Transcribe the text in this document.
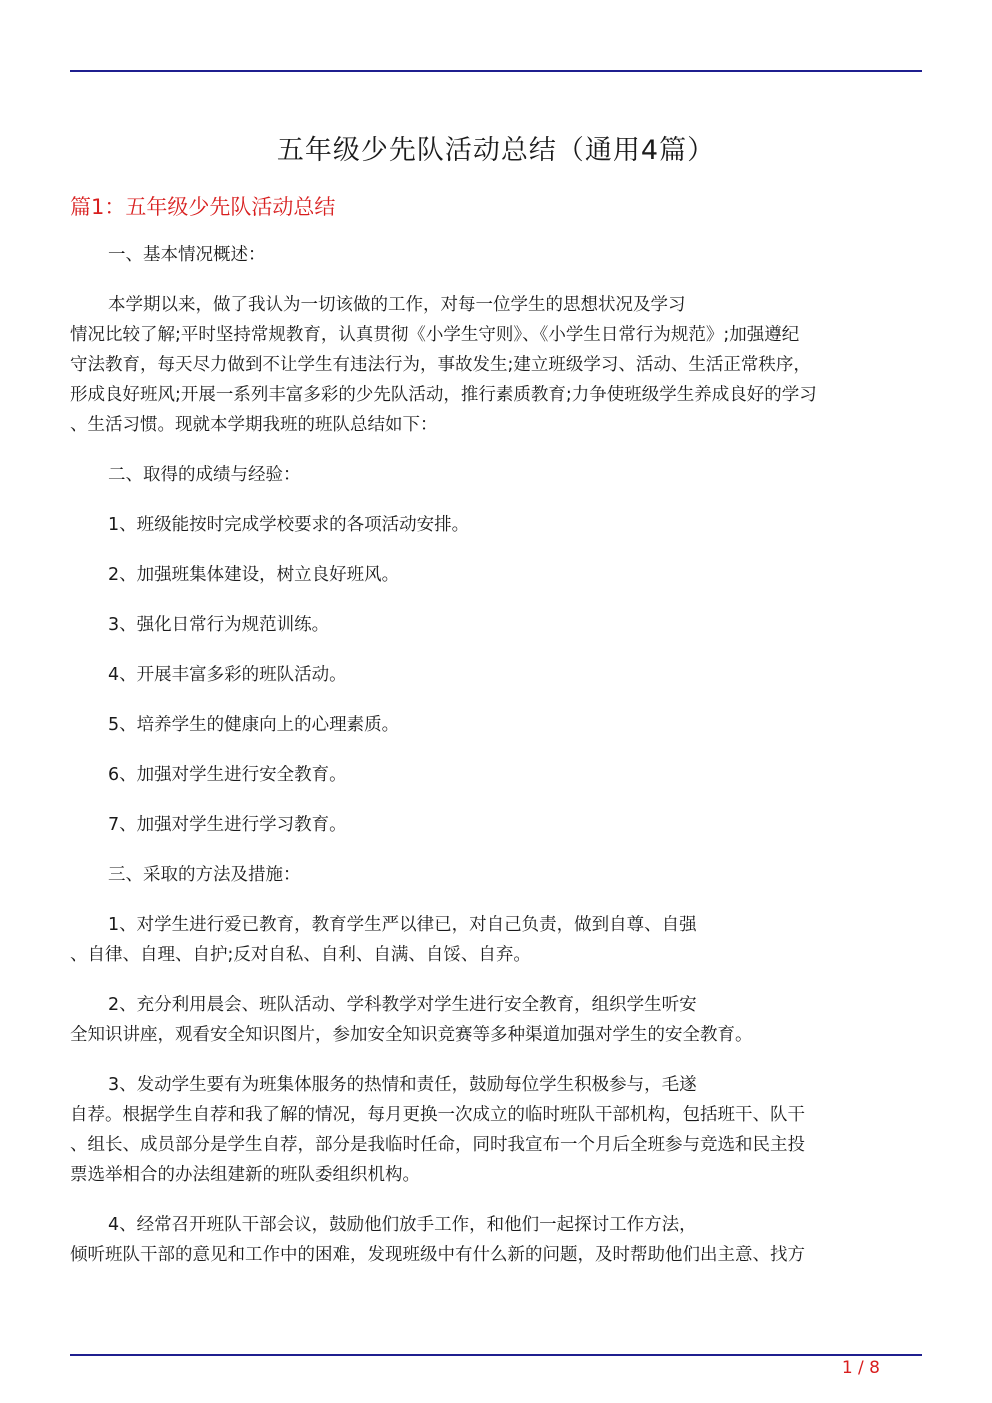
五年级少先队活动总结（通用4篇）
篇1：五年级少先队活动总结

一、基本情况概述：

本学期以来，做了我认为一切该做的工作，对每一位学生的思想状况及学习
情况比较了解;平时坚持常规教育，认真贯彻《小学生守则》、《小学生日常行为规范》;加强遵纪
守法教育，每天尽力做到不让学生有违法行为，事故发生;建立班级学习、活动、生活正常秩序，
形成良好班风;开展一系列丰富多彩的少先队活动，推行素质教育;力争使班级学生养成良好的学习
、生活习惯。现就本学期我班的班队总结如下：

二、取得的成绩与经验：

1、班级能按时完成学校要求的各项活动安排。

2、加强班集体建设，树立良好班风。

3、强化日常行为规范训练。

4、开展丰富多彩的班队活动。

5、培养学生的健康向上的心理素质。

6、加强对学生进行安全教育。

7、加强对学生进行学习教育。

三、采取的方法及措施：

1、对学生进行爱已教育，教育学生严以律已，对自己负责，做到自尊、自强
、自律、自理、自护;反对自私、自利、自满、自馁、自弃。

2、充分利用晨会、班队活动、学科教学对学生进行安全教育，组织学生听安
全知识讲座，观看安全知识图片，参加安全知识竞赛等多种渠道加强对学生的安全教育。

3、发动学生要有为班集体服务的热情和责任，鼓励每位学生积极参与，毛遂
自荐。根据学生自荐和我了解的情况，每月更换一次成立的临时班队干部机构，包括班干、队干
、组长、成员部分是学生自荐，部分是我临时任命，同时我宣布一个月后全班参与竞选和民主投
票选举相合的办法组建新的班队委组织机构。

4、经常召开班队干部会议，鼓励他们放手工作，和他们一起探讨工作方法，
倾听班队干部的意见和工作中的困难，发现班级中有什么新的问题，及时帮助他们出主意、找方

1 / 8
